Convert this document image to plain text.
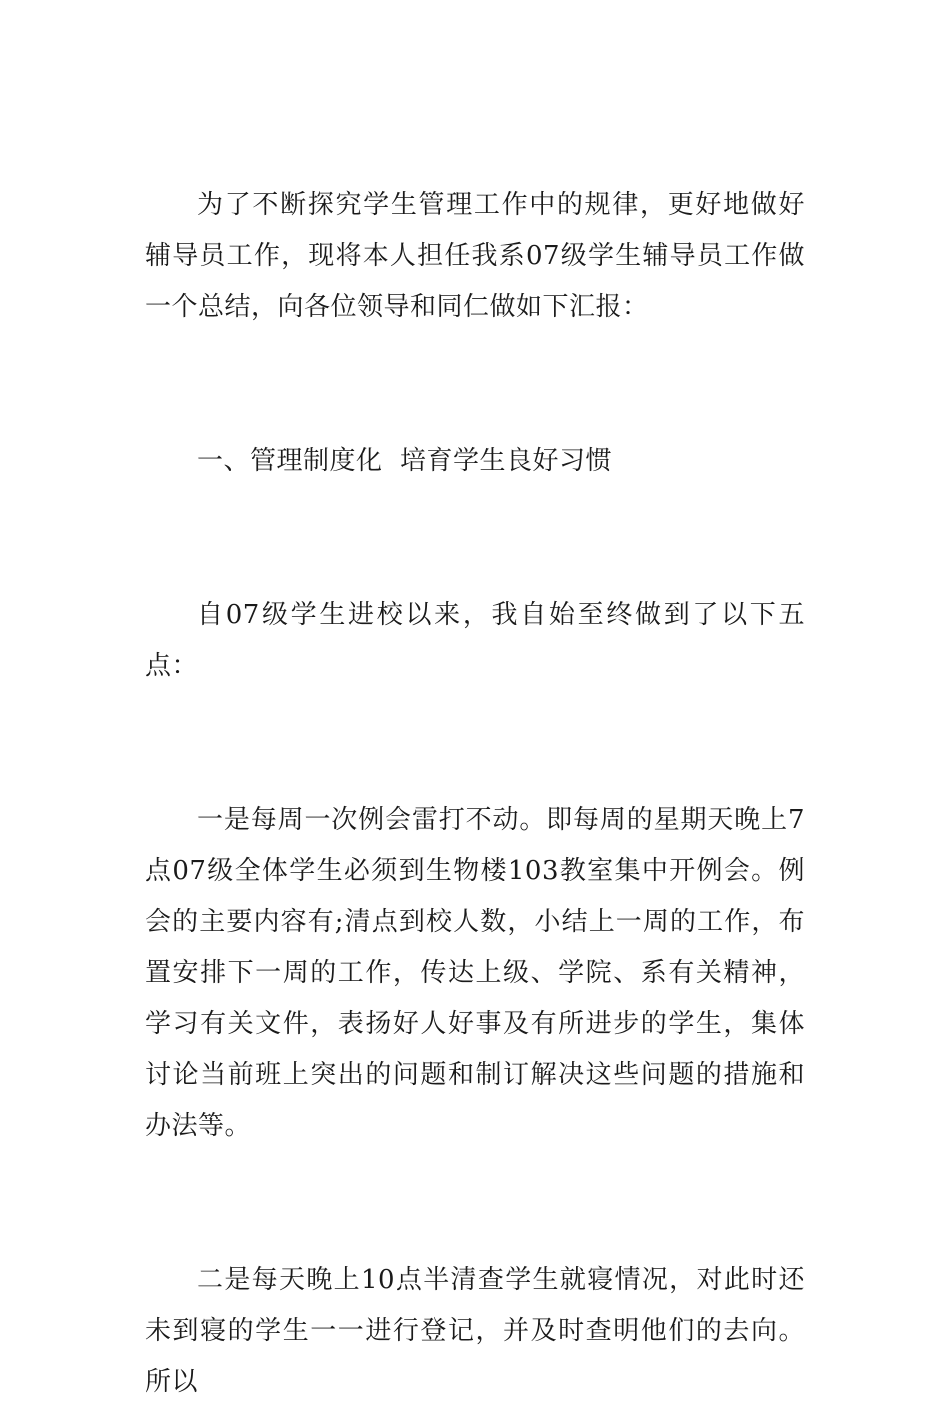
为了不断探究学生管理工作中的规律，更好地做好辅导员工作，现将本人担任我系07级学生辅导员工作做一个总结，向各位领导和同仁做如下汇报：

一、管理制度化  培育学生良好习惯

自07级学生进校以来，我自始至终做到了以下五点：

一是每周一次例会雷打不动。即每周的星期天晚上7点07级全体学生必须到生物楼103教室集中开例会。例会的主要内容有;清点到校人数，小结上一周的工作，布置安排下一周的工作，传达上级、学院、系有关精神，学习有关文件，表扬好人好事及有所进步的学生，集体讨论当前班上突出的问题和制订解决这些问题的措施和办法等。

二是每天晚上10点半清查学生就寝情况，对此时还未到寝的学生一一进行登记，并及时查明他们的去向。所以
